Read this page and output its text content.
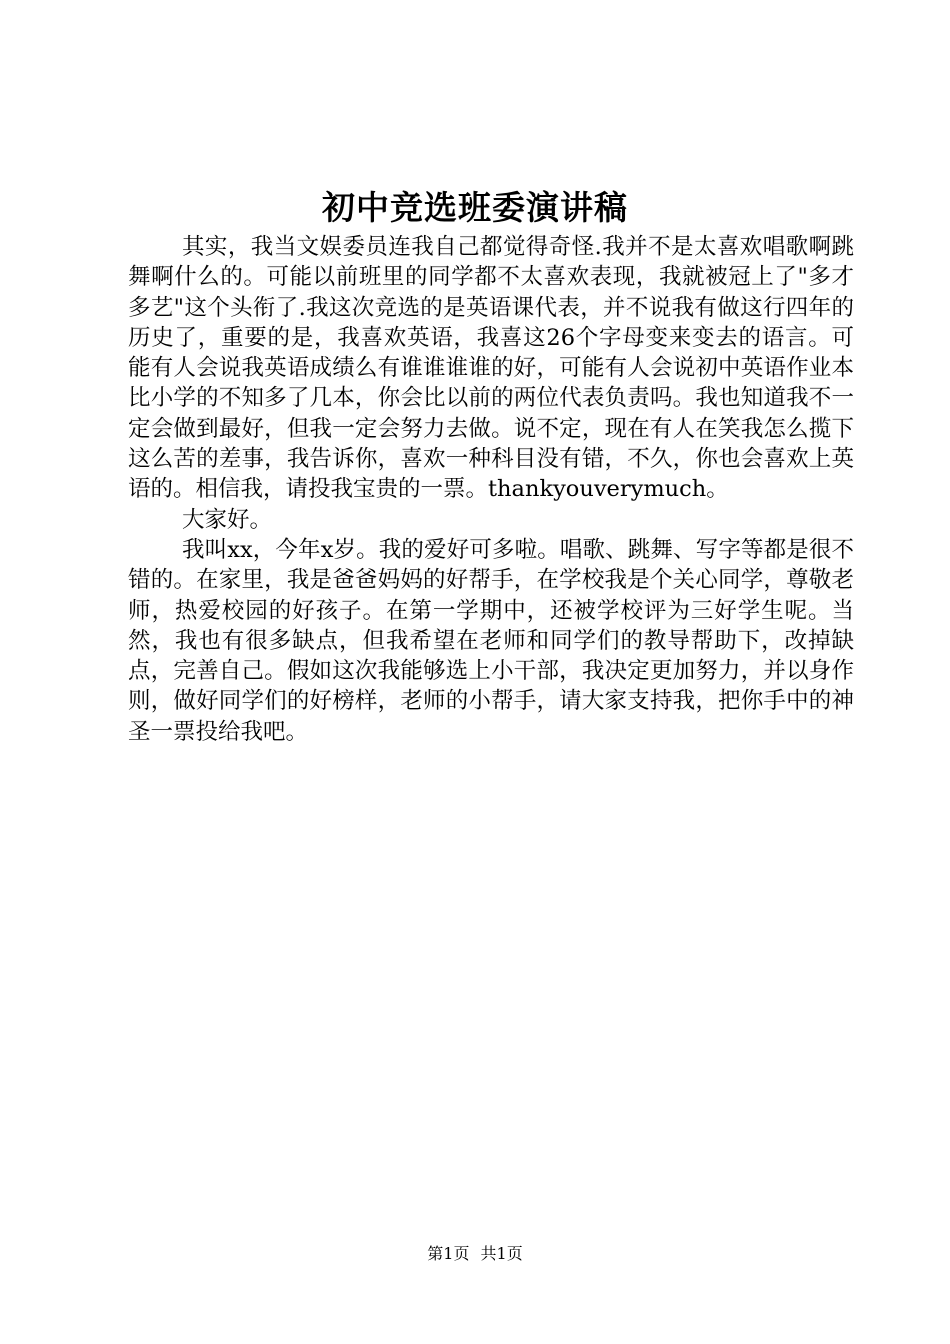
初中竞选班委演讲稿

其实，我当文娱委员连我自己都觉得奇怪.我并不是太喜欢唱歌啊跳舞啊什么的。可能以前班里的同学都不太喜欢表现，我就被冠上了"多才多艺"这个头衔了.我这次竞选的是英语课代表，并不说我有做这行四年的历史了，重要的是，我喜欢英语，我喜这26个字母变来变去的语言。可能有人会说我英语成绩么有谁谁谁谁的好，可能有人会说初中英语作业本比小学的不知多了几本，你会比以前的两位代表负责吗。我也知道我不一定会做到最好，但我一定会努力去做。说不定，现在有人在笑我怎么揽下这么苦的差事，我告诉你，喜欢一种科目没有错，不久，你也会喜欢上英语的。相信我，请投我宝贵的一票。thankyouverymuch。

大家好。

我叫xx，今年x岁。我的爱好可多啦。唱歌、跳舞、写字等都是很不错的。在家里，我是爸爸妈妈的好帮手，在学校我是个关心同学，尊敬老师，热爱校园的好孩子。在第一学期中，还被学校评为三好学生呢。当然，我也有很多缺点，但我希望在老师和同学们的教导帮助下，改掉缺点，完善自己。假如这次我能够选上小干部，我决定更加努力，并以身作则，做好同学们的好榜样，老师的小帮手，请大家支持我，把你手中的神圣一票投给我吧。

第1页 共1页
